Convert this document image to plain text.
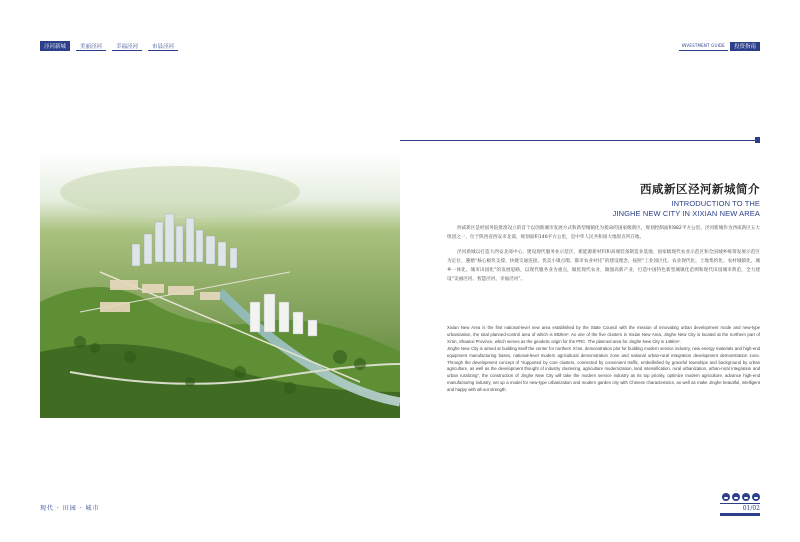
泾河新城	美丽泾河	幸福泾河	市县泾河	INVESTMENT GUIDE	投资指南
西咸新区泾河新城简介
INTRODUCTION TO THE
JINGHE NEW CITY IN XIXIAN NEW AREA

西咸新区是经国务院批准设立的首个以创新城市发展方式和新型城镇化为使命的国家级新区，规划控制面积882平方公里。泾河新城作为西咸新区五大组团之一，位于陕西省西安市北部，规划面积146平方公里，是中华人民共和国大地原点所在地。

泾河新城以打造大西安北部中心、建设现代服务业示范区、新能源新材料和高端装备制造业基地、国家级现代农业示范区和全国城乡统筹发展示范区为定位，遵循“核心板块支撑、快捷交通连接、优美小镇点缀、都市农业衬托”的建设理念，按照“工业园区化、农业现代化、土地集约化、农村城镇化、城乡一体化、城市田园化”的发展思路，以现代服务业为重点，做优现代农业，做强高新产业，打造中国特色新型城镇化范例和现代田园城市典范，全力建设“美丽泾河、智慧泾河、幸福泾河”。

Xixian New Area is the first national-level new area established by the State Council with the mission of innovating urban development mode and new-type urbanization, the total planned-control area of which is 882km². As one of the five clusters in Xixian New Area, Jinghe New City is located at the northern part of Xi’an, Shaanxi Province, which serves as the geodetic origin for the PRC. The planned area for Jinghe New City is 146km².

Jinghe New City is aimed at building itself the center for northern Xi’an, demonstration plot for building modern service industry, new energy materials and high-end equipment manufacturing bases, national-level modern agricultural demonstration zone and national urban-rural integration development demonstration zone. Through the development concept of “supported by core clusters, connected by convenient traffic, embellished by graceful townships and background by urban agriculture, as well as the development thought of industry clustering, agriculture modernization, land intensification, rural urbanization, urban-rural integration and urban ruralizing”, the construction of Jinghe New City will take the modern service industry as its top priority, optimize modern agriculture, advance high-end manufacturing industry, set up a model for new-type urbanization and modern garden city with Chinese characteristics, as well as make Jinghe beautiful, intelligent and happy with all-out strength.

现代 · 田园 · 城市	01/02
